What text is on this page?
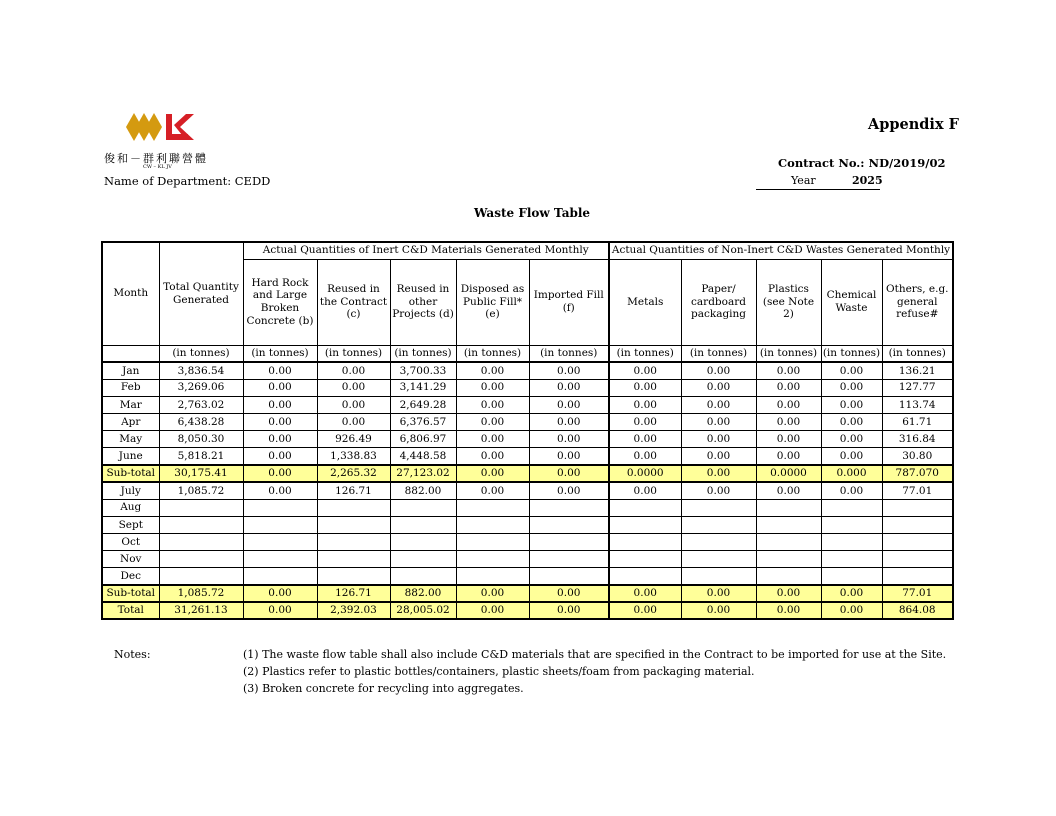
俊和－群利聯營體
CW – KL JV
Name of Department: CEDD
Appendix F
Contract No.: ND/2019/02
Year	2025
Waste Flow Table
Month	Total Quantity Generated	Actual Quantities of Inert C&D Materials Generated Monthly					Actual Quantities of Non-Inert C&D Wastes Generated Monthly				
		Hard Rock and Large Broken Concrete (b)	Reused in the Contract (c)	Reused in other Projects (d)	Disposed as Public Fill* (e)	Imported Fill (f)	Metals	Paper/ cardboard packaging	Plastics (see Note 2)	Chemical Waste	Others, e.g. general refuse#
	(in tonnes)	(in tonnes)	(in tonnes)	(in tonnes)	(in tonnes)	(in tonnes)	(in tonnes)	(in tonnes)	(in tonnes)	(in tonnes)	(in tonnes)
Jan	3,836.54	0.00	0.00	3,700.33	0.00	0.00	0.00	0.00	0.00	0.00	136.21
Feb	3,269.06	0.00	0.00	3,141.29	0.00	0.00	0.00	0.00	0.00	0.00	127.77
Mar	2,763.02	0.00	0.00	2,649.28	0.00	0.00	0.00	0.00	0.00	0.00	113.74
Apr	6,438.28	0.00	0.00	6,376.57	0.00	0.00	0.00	0.00	0.00	0.00	61.71
May	8,050.30	0.00	926.49	6,806.97	0.00	0.00	0.00	0.00	0.00	0.00	316.84
June	5,818.21	0.00	1,338.83	4,448.58	0.00	0.00	0.00	0.00	0.00	0.00	30.80
Sub-total	30,175.41	0.00	2,265.32	27,123.02	0.00	0.00	0.0000	0.00	0.0000	0.000	787.070
July	1,085.72	0.00	126.71	882.00	0.00	0.00	0.00	0.00	0.00	0.00	77.01
Aug											
Sept											
Oct											
Nov											
Dec											
Sub-total	1,085.72	0.00	126.71	882.00	0.00	0.00	0.00	0.00	0.00	0.00	77.01
Total	31,261.13	0.00	2,392.03	28,005.02	0.00	0.00	0.00	0.00	0.00	0.00	864.08
Notes:	(1) The waste flow table shall also include C&D materials that are specified in the Contract to be imported for use at the Site.
(2) Plastics refer to plastic bottles/containers, plastic sheets/foam from packaging material.
(3) Broken concrete for recycling into aggregates.
